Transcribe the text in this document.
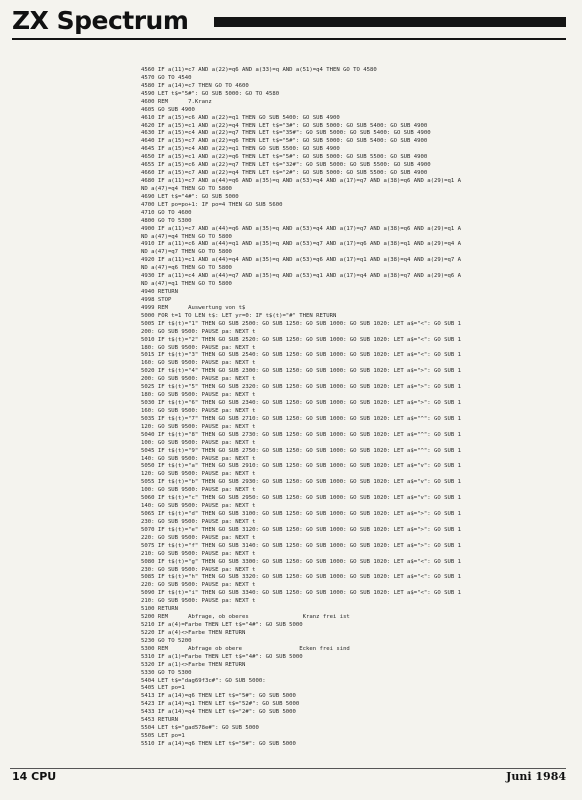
ZX Spectrum
4560 IF a(11)=c7 AND a(22)=q6 AND a(33)=q AND a(51)=q4 THEN GO TO 4580
4570 GO TO 4540
4580 IF a(14)=c7 THEN GO TO 4600
4590 LET t$="5#": GO SUB 5000: GO TO 4580
4600 REM      7.Kranz
4605 GO SUB 4900
4610 IF a(15)=c6 AND a(22)=q1 THEN GO SUB 5400: GO SUB 4900
4620 IF a(15)=c1 AND a(22)=q4 THEN LET t$="3#": GO SUB 5000: GO SUB 5400: GO SUB 4900
4630 IF a(15)=c4 AND a(22)=q7 THEN LET t$="35#": GO SUB 5000: GO SUB 5400: GO SUB 4900
4640 IF a(15)=c7 AND a(22)=q6 THEN LET t$="5#": GO SUB 5000: GO SUB 5400: GO SUB 4900
4645 IF a(15)=c4 AND a(22)=q1 THEN GO SUB 5500: GO SUB 4900
4650 IF a(15)=c1 AND a(22)=q6 THEN LET t$="5#": GO SUB 5000: GO SUB 5500: GO SUB 4900
4655 IF a(15)=c6 AND a(22)=q7 THEN LET t$="32#": GO SUB 5000: GO SUB 5500: GO SUB 4900
4660 IF a(15)=c7 AND a(22)=q4 THEN LET t$="2#": GO SUB 5000: GO SUB 5500: GO SUB 4900
4680 IF a(11)=c7 AND a(44)=q6 AND a(35)=q AND a(53)=q4 AND a(17)=q7 AND a(38)=q6 AND a(29)=q1 A
ND a(47)=q4 THEN GO TO 5800
4690 LET t$="4#": GO SUB 5000
4700 LET po=po+1: IF po=4 THEN GO SUB 5600
4710 GO TO 4600
4800 GO TO 5300
4900 IF a(11)=c7 AND a(44)=q6 AND a(35)=q AND a(53)=q4 AND a(17)=q7 AND a(38)=q6 AND a(29)=q1 A
ND a(47)=q4 THEN GO TO 5800
4910 IF a(11)=c6 AND a(44)=q1 AND a(35)=q AND a(53)=q7 AND a(17)=q6 AND a(38)=q1 AND a(29)=q4 A
ND a(47)=q7 THEN GO TO 5800
4920 IF a(11)=c1 AND a(44)=q4 AND a(35)=q AND a(53)=q6 AND a(17)=q1 AND a(38)=q4 AND a(29)=q7 A
ND a(47)=q6 THEN GO TO 5800
4930 IF a(11)=c4 AND a(44)=q7 AND a(35)=q AND a(53)=q1 AND a(17)=q4 AND a(38)=q7 AND a(29)=q6 A
ND a(47)=q1 THEN GO TO 5800
4940 RETURN
4998 STOP
4999 REM      Auswertung von t$
5000 FOR t=1 TO LEN t$: LET yr=0: IF t$(t)="#" THEN RETURN
5005 IF t$(t)="1" THEN GO SUB 2500: GO SUB 1250: GO SUB 1000: GO SUB 1020: LET a$="<": GO SUB 1
200: GO SUB 9500: PAUSE pa: NEXT t
5010 IF t$(t)="2" THEN GO SUB 2520: GO SUB 1250: GO SUB 1000: GO SUB 1020: LET a$="<": GO SUB 1
180: GO SUB 9500: PAUSE pa: NEXT t
5015 IF t$(t)="3" THEN GO SUB 2540: GO SUB 1250: GO SUB 1000: GO SUB 1020: LET a$="<": GO SUB 1
160: GO SUB 9500: PAUSE pa: NEXT t
5020 IF t$(t)="4" THEN GO SUB 2300: GO SUB 1250: GO SUB 1000: GO SUB 1020: LET a$=">": GO SUB 1
200: GO SUB 9500: PAUSE pa: NEXT t
5025 IF t$(t)="5" THEN GO SUB 2320: GO SUB 1250: GO SUB 1000: GO SUB 1020: LET a$=">": GO SUB 1
180: GO SUB 9500: PAUSE pa: NEXT t
5030 IF t$(t)="6" THEN GO SUB 2340: GO SUB 1250: GO SUB 1000: GO SUB 1020: LET a$=">": GO SUB 1
160: GO SUB 9500: PAUSE pa: NEXT t
5035 IF t$(t)="7" THEN GO SUB 2710: GO SUB 1250: GO SUB 1000: GO SUB 1020: LET a$="^": GO SUB 1
120: GO SUB 9500: PAUSE pa: NEXT t
5040 IF t$(t)="8" THEN GO SUB 2730: GO SUB 1250: GO SUB 1000: GO SUB 1020: LET a$="^": GO SUB 1
100: GO SUB 9500: PAUSE pa: NEXT t
5045 IF t$(t)="9" THEN GO SUB 2750: GO SUB 1250: GO SUB 1000: GO SUB 1020: LET a$="^": GO SUB 1
140: GO SUB 9500: PAUSE pa: NEXT t
5050 IF t$(t)="a" THEN GO SUB 2910: GO SUB 1250: GO SUB 1000: GO SUB 1020: LET a$="v": GO SUB 1
120: GO SUB 9500: PAUSE pa: NEXT t
5055 IF t$(t)="b" THEN GO SUB 2930: GO SUB 1250: GO SUB 1000: GO SUB 1020: LET a$="v": GO SUB 1
100: GO SUB 9500: PAUSE pa: NEXT t
5060 IF t$(t)="c" THEN GO SUB 2950: GO SUB 1250: GO SUB 1000: GO SUB 1020: LET a$="v": GO SUB 1
140: GO SUB 9500: PAUSE pa: NEXT t
5065 IF t$(t)="d" THEN GO SUB 3100: GO SUB 1250: GO SUB 1000: GO SUB 1020: LET a$=">": GO SUB 1
230: GO SUB 9500: PAUSE pa: NEXT t
5070 IF t$(t)="e" THEN GO SUB 3120: GO SUB 1250: GO SUB 1000: GO SUB 1020: LET a$=">": GO SUB 1
220: GO SUB 9500: PAUSE pa: NEXT t
5075 IF t$(t)="f" THEN GO SUB 3140: GO SUB 1250: GO SUB 1000: GO SUB 1020: LET a$=">": GO SUB 1
210: GO SUB 9500: PAUSE pa: NEXT t
5080 IF t$(t)="g" THEN GO SUB 3300: GO SUB 1250: GO SUB 1000: GO SUB 1020: LET a$="<": GO SUB 1
230: GO SUB 9500: PAUSE pa: NEXT t
5085 IF t$(t)="h" THEN GO SUB 3320: GO SUB 1250: GO SUB 1000: GO SUB 1020: LET a$="<": GO SUB 1
220: GO SUB 9500: PAUSE pa: NEXT t
5090 IF t$(t)="i" THEN GO SUB 3340: GO SUB 1250: GO SUB 1000: GO SUB 1020: LET a$="<": GO SUB 1
210: GO SUB 9500: PAUSE pa: NEXT t
5100 RETURN
5200 REM      Abfrage, ob oberes                Kranz frei ist
5210 IF a(4)=Farbe THEN LET t$="4#": GO SUB 5000
5220 IF a(4)<>Farbe THEN RETURN
5230 GO TO 5200
5300 REM      Abfrage ob obere                 Ecken frei sind
5310 IF a(1)=Farbe THEN LET t$="4#": GO SUB 5000
5320 IF a(1)<>Farbe THEN RETURN
5330 GO TO 5300
5404 LET t$="dag69f3c#": GO SUB 5000:
5405 LET po=1
5413 IF a(14)=q6 THEN LET t$="5#": GO SUB 5000
5423 IF a(14)=q1 THEN LET t$="52#": GO SUB 5000
5433 IF a(14)=q4 THEN LET t$="2#": GO SUB 5000
5453 RETURN
5504 LET t$="gad578e#": GO SUB 5000
5505 LET po=1
5510 IF a(14)=q6 THEN LET t$="5#": GO SUB 5000
14 CPU	Juni 1984
